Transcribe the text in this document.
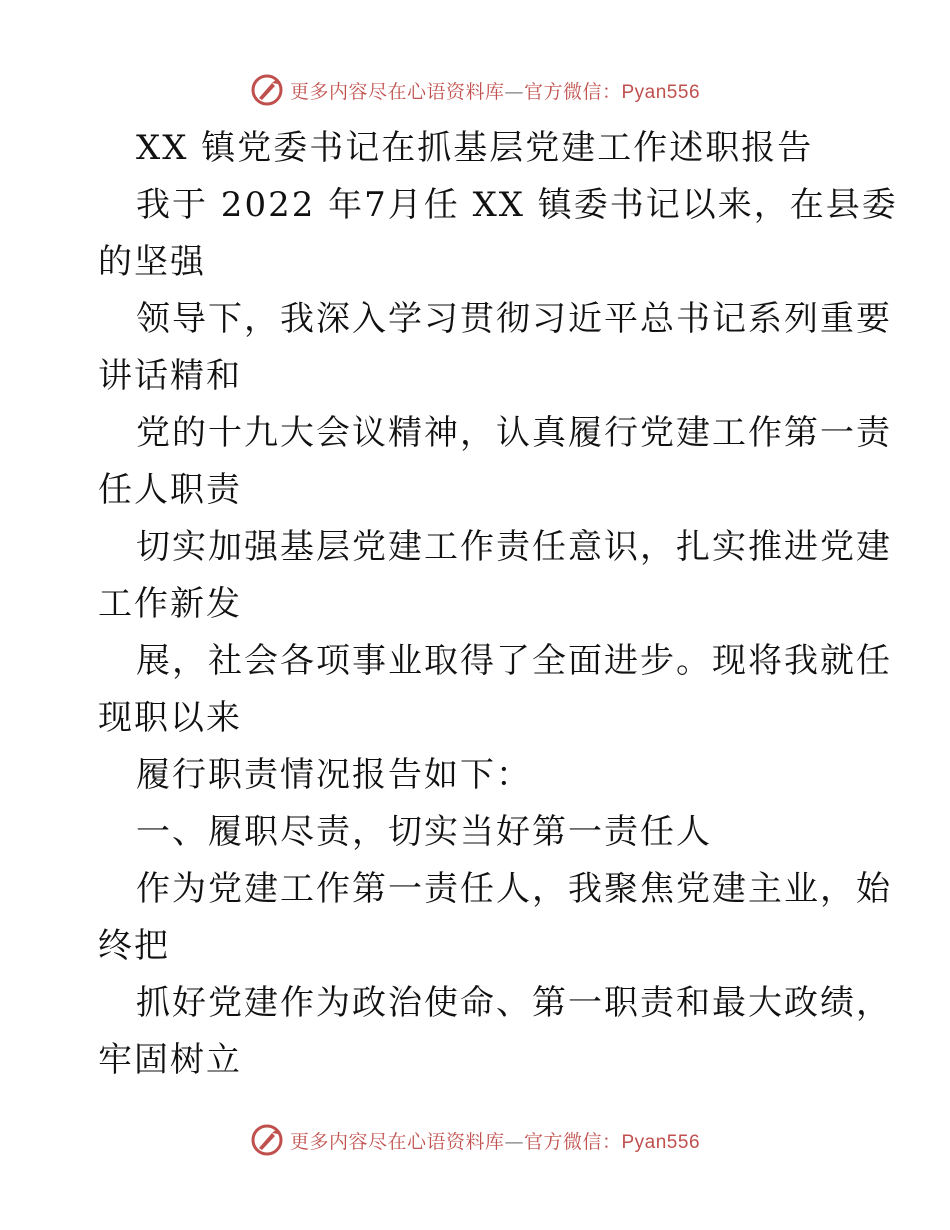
更多内容尽在心语资料库—官方微信：Pyan556
XX 镇党委书记在抓基层党建工作述职报告
我于 2022 年7月任 XX 镇委书记以来，在县委
的坚强
领导下，我深入学习贯彻习近平总书记系列重要
讲话精和
党的十九大会议精神，认真履行党建工作第一责
任人职责
切实加强基层党建工作责任意识，扎实推进党建
工作新发
展，社会各项事业取得了全面进步。现将我就任
现职以来
履行职责情况报告如下：
一、履职尽责，切实当好第一责任人
作为党建工作第一责任人，我聚焦党建主业，始
终把
抓好党建作为政治使命、第一职责和最大政绩，
牢固树立
更多内容尽在心语资料库—官方微信：Pyan556
